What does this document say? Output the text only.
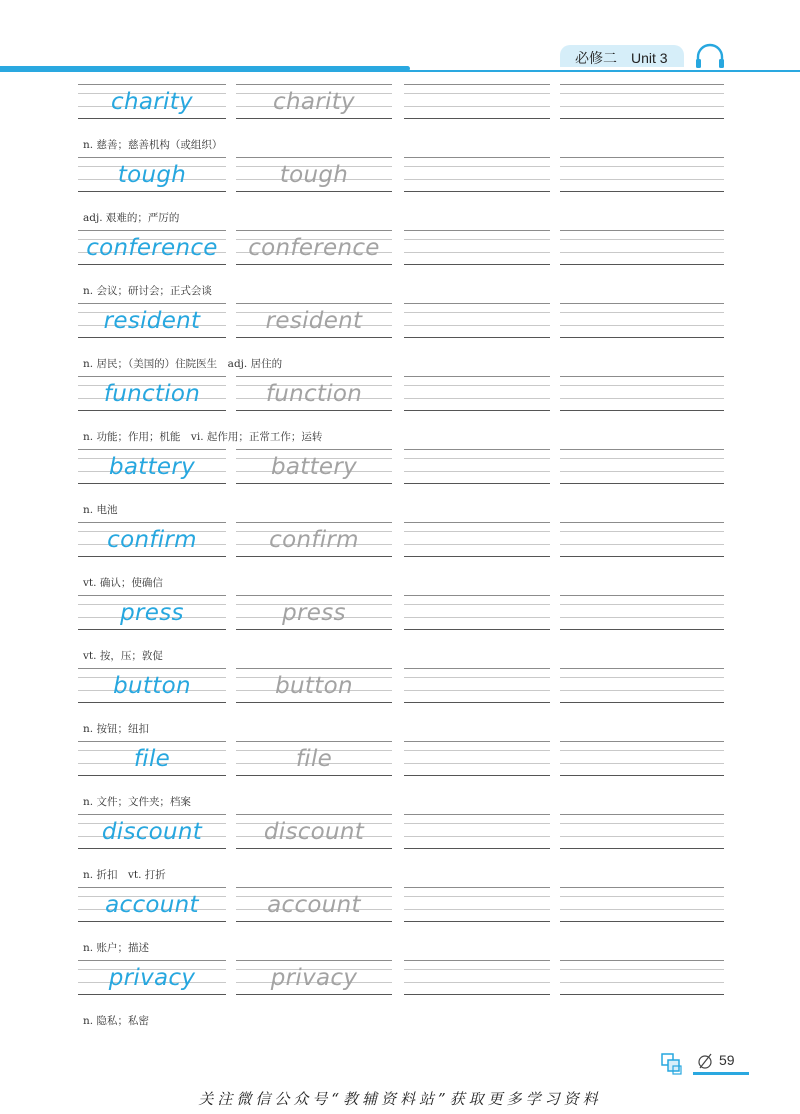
必修二 Unit 3
charity	charity
n. 慈善；慈善机构（或组织）
tough	tough
adj. 艰难的；严厉的
conference	conference
n. 会议；研讨会；正式会谈
resident	resident
n. 居民；（美国的）住院医生　adj. 居住的
function	function
n. 功能；作用；机能　vi. 起作用；正常工作；运转
battery	battery
n. 电池
confirm	confirm
vt. 确认；使确信
press	press
vt. 按，压；敦促
button	button
n. 按钮；纽扣
file	file
n. 文件；文件夹；档案
discount	discount
n. 折扣　vt. 打折
account	account
n. 账户；描述
privacy	privacy
n. 隐私；私密
59
关注微信公众号“教辅资料站”获取更多学习资料
